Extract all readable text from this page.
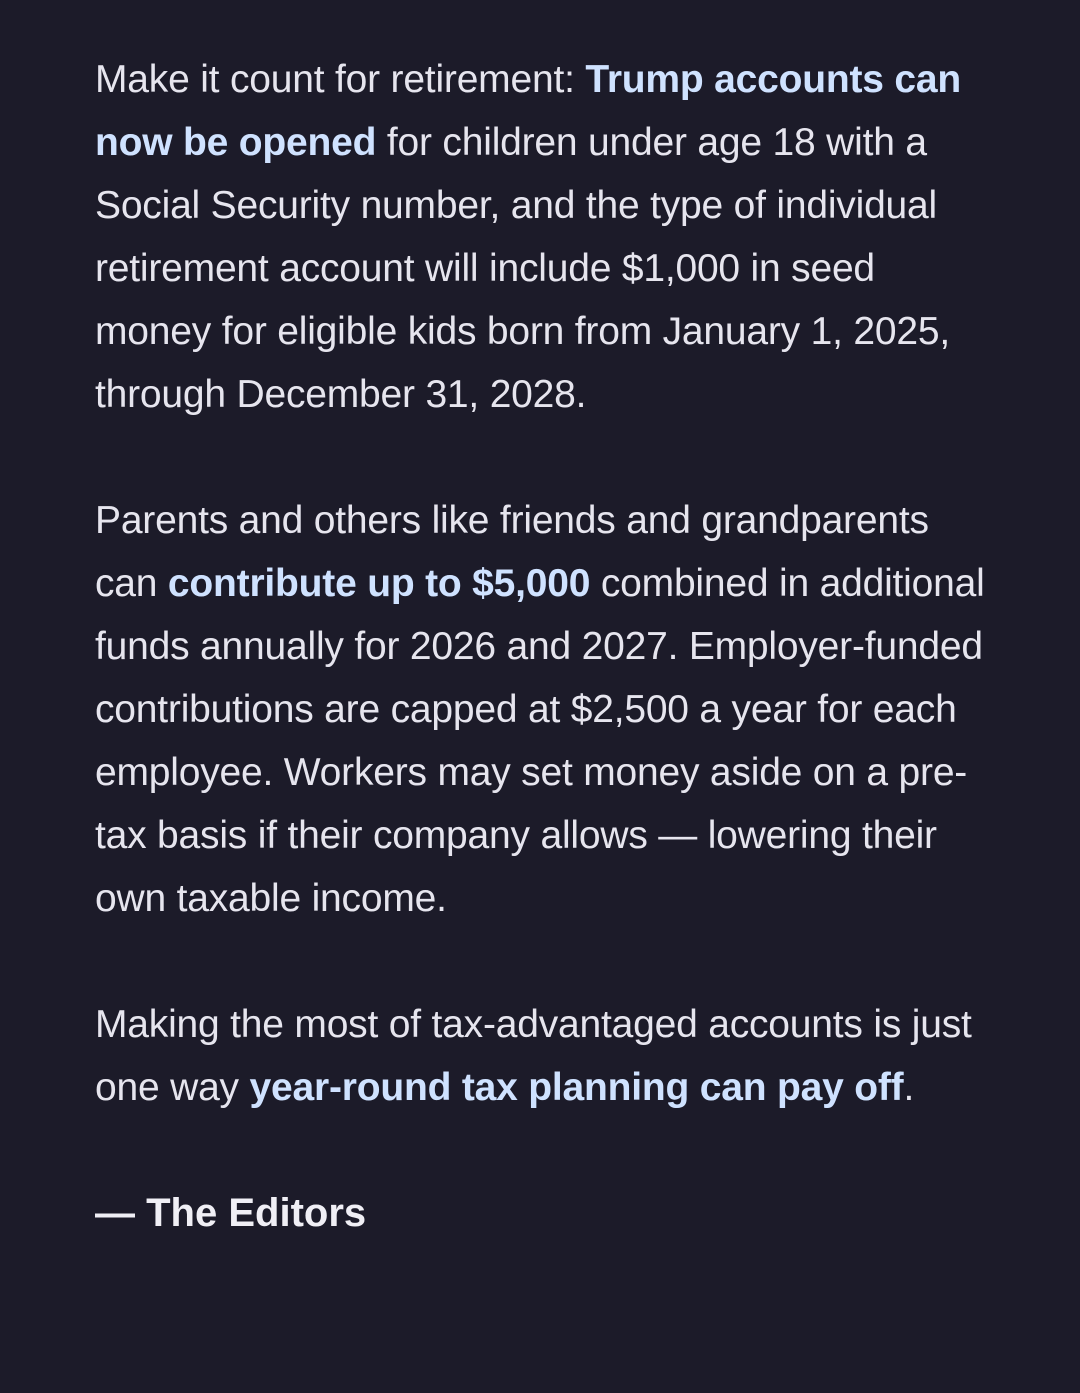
Make it count for retirement: Trump accounts can now be opened for children under age 18 with a Social Security number, and the type of individual retirement account will include $1,000 in seed money for eligible kids born from January 1, 2025, through December 31, 2028.

Parents and others like friends and grandparents can contribute up to $5,000 combined in additional funds annually for 2026 and 2027. Employer-funded contributions are capped at $2,500 a year for each employee. Workers may set money aside on a pre-tax basis if their company allows — lowering their own taxable income.

Making the most of tax-advantaged accounts is just one way year-round tax planning can pay off.

— The Editors
